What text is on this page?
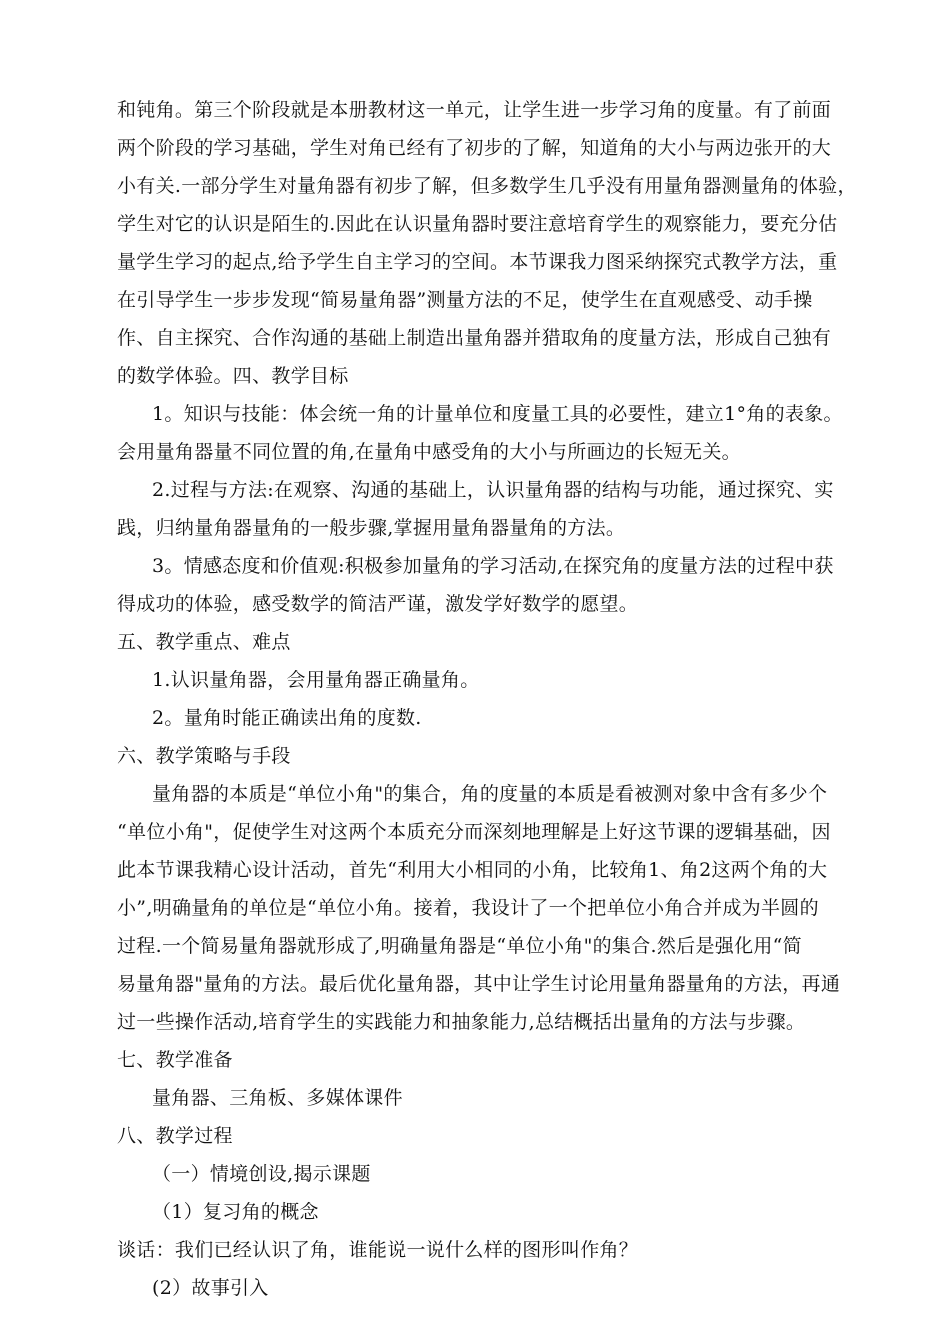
和钝角。第三个阶段就是本册教材这一单元，让学生进一步学习角的度量。有了前面
两个阶段的学习基础，学生对角已经有了初步的了解，知道角的大小与两边张开的大
小有关.一部分学生对量角器有初步了解，但多数学生几乎没有用量角器测量角的体验，
学生对它的认识是陌生的.因此在认识量角器时要注意培育学生的观察能力，要充分估
量学生学习的起点,给予学生自主学习的空间。本节课我力图采纳探究式教学方法，重
在引导学生一步步发现“简易量角器”测量方法的不足，使学生在直观感受、动手操
作、自主探究、合作沟通的基础上制造出量角器并猎取角的度量方法，形成自己独有
的数学体验。四、教学目标
1。知识与技能：体会统一角的计量单位和度量工具的必要性，建立1°角的表象。
会用量角器量不同位置的角,在量角中感受角的大小与所画边的长短无关。
2.过程与方法:在观察、沟通的基础上，认识量角器的结构与功能，通过探究、实
践，归纳量角器量角的一般步骤,掌握用量角器量角的方法。
3。情感态度和价值观:积极参加量角的学习活动,在探究角的度量方法的过程中获
得成功的体验，感受数学的简洁严谨，激发学好数学的愿望。
五、教学重点、难点
1.认识量角器，会用量角器正确量角。
2。量角时能正确读出角的度数.
六、教学策略与手段
量角器的本质是“单位小角"的集合，角的度量的本质是看被测对象中含有多少个
“单位小角"，促使学生对这两个本质充分而深刻地理解是上好这节课的逻辑基础，因
此本节课我精心设计活动，首先“利用大小相同的小角，比较角1、角2这两个角的大
小”,明确量角的单位是“单位小角。接着，我设计了一个把单位小角合并成为半圆的
过程.一个简易量角器就形成了,明确量角器是“单位小角"的集合.然后是强化用“简
易量角器"量角的方法。最后优化量角器，其中让学生讨论用量角器量角的方法，再通
过一些操作活动,培育学生的实践能力和抽象能力,总结概括出量角的方法与步骤。
七、教学准备
量角器、三角板、多媒体课件
八、教学过程
（一）情境创设,揭示课题
（1）复习角的概念
谈话：我们已经认识了角，谁能说一说什么样的图形叫作角？
(2）故事引入
